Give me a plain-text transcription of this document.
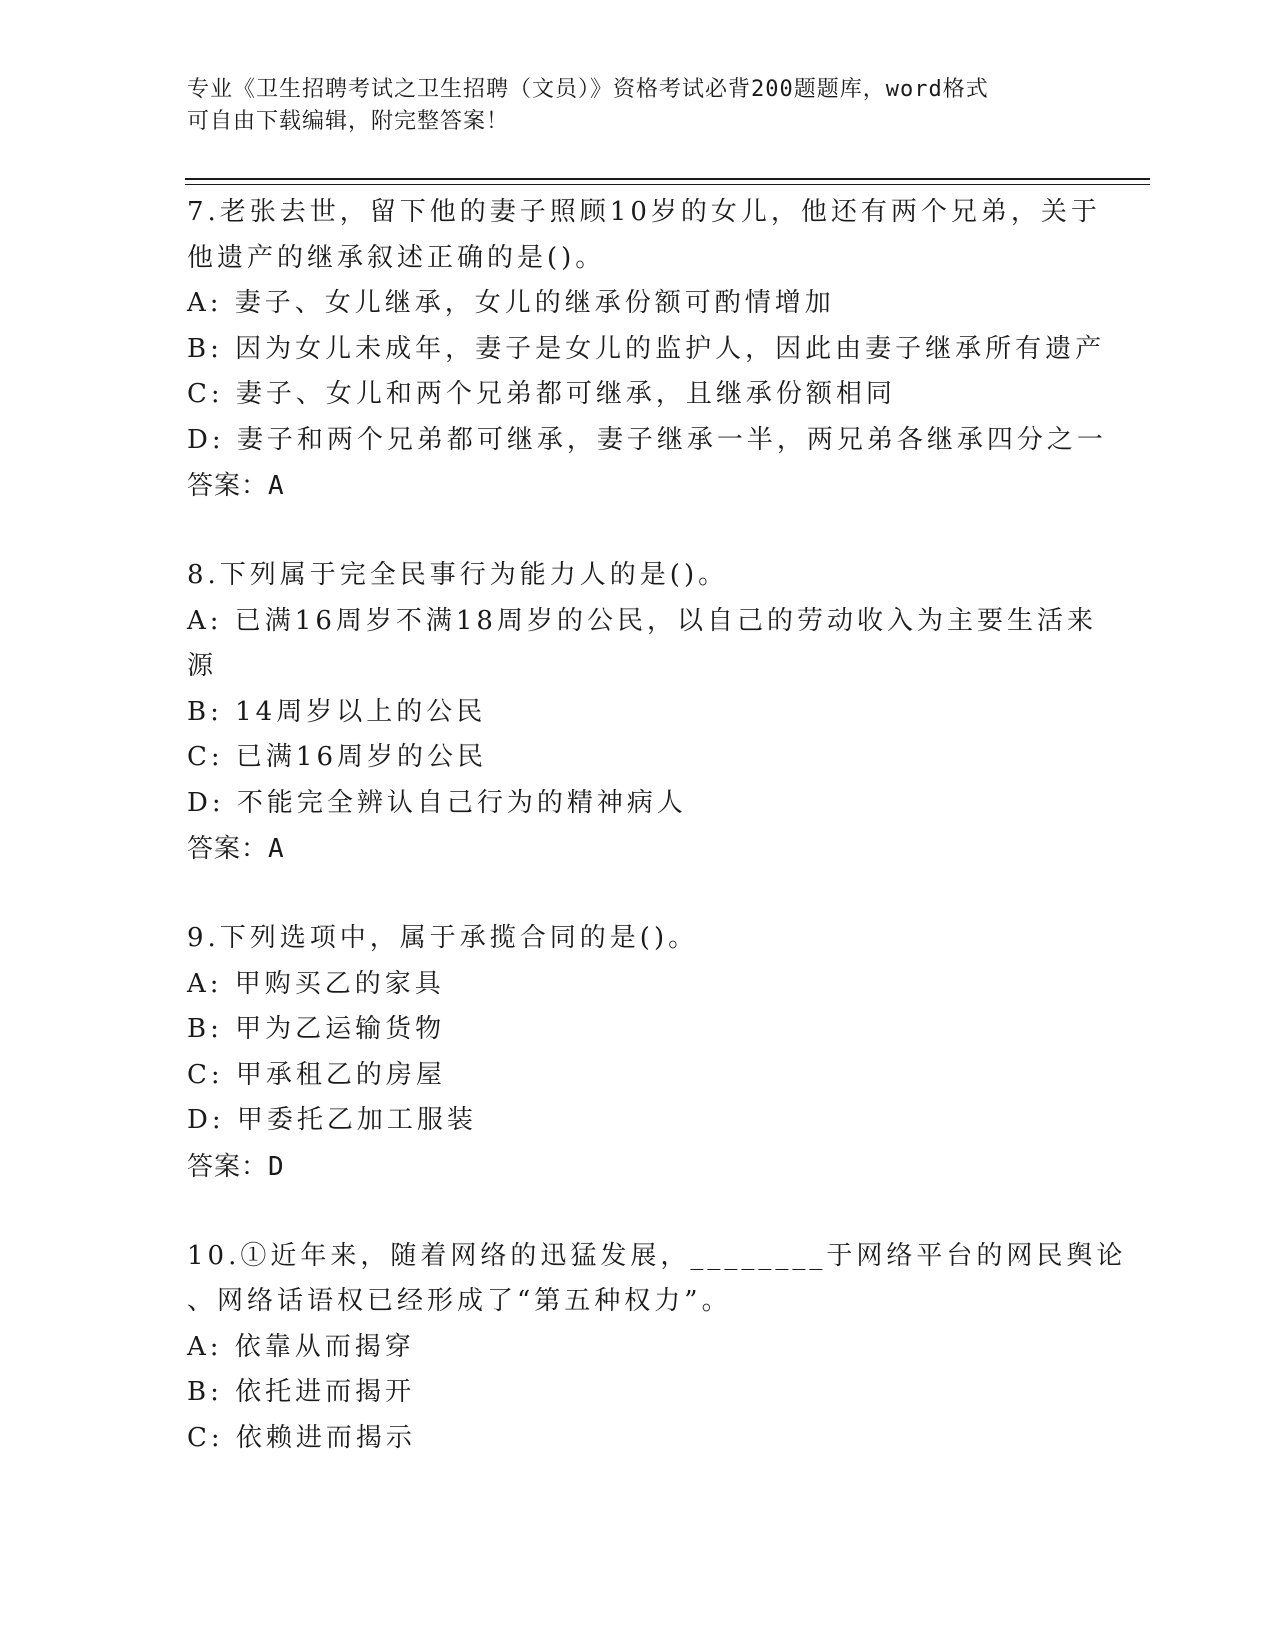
专业《卫生招聘考试之卫生招聘（文员）》资格考试必背200题题库，word格式
可自由下载编辑，附完整答案！
7.老张去世，留下他的妻子照顾10岁的女儿，他还有两个兄弟，关于
他遗产的继承叙述正确的是()。
A: 妻子、女儿继承，女儿的继承份额可酌情增加
B: 因为女儿未成年，妻子是女儿的监护人，因此由妻子继承所有遗产
C: 妻子、女儿和两个兄弟都可继承，且继承份额相同
D: 妻子和两个兄弟都可继承，妻子继承一半，两兄弟各继承四分之一
答案：A
8.下列属于完全民事行为能力人的是()。
A: 已满16周岁不满18周岁的公民，以自己的劳动收入为主要生活来
源
B: 14周岁以上的公民
C: 已满16周岁的公民
D: 不能完全辨认自己行为的精神病人
答案：A
9.下列选项中，属于承揽合同的是()。
A: 甲购买乙的家具
B: 甲为乙运输货物
C: 甲承租乙的房屋
D: 甲委托乙加工服装
答案：D
10.①近年来，随着网络的迅猛发展，________于网络平台的网民舆论
、网络话语权已经形成了“第五种权力”。
A: 依靠从而揭穿
B: 依托进而揭开
C: 依赖进而揭示
